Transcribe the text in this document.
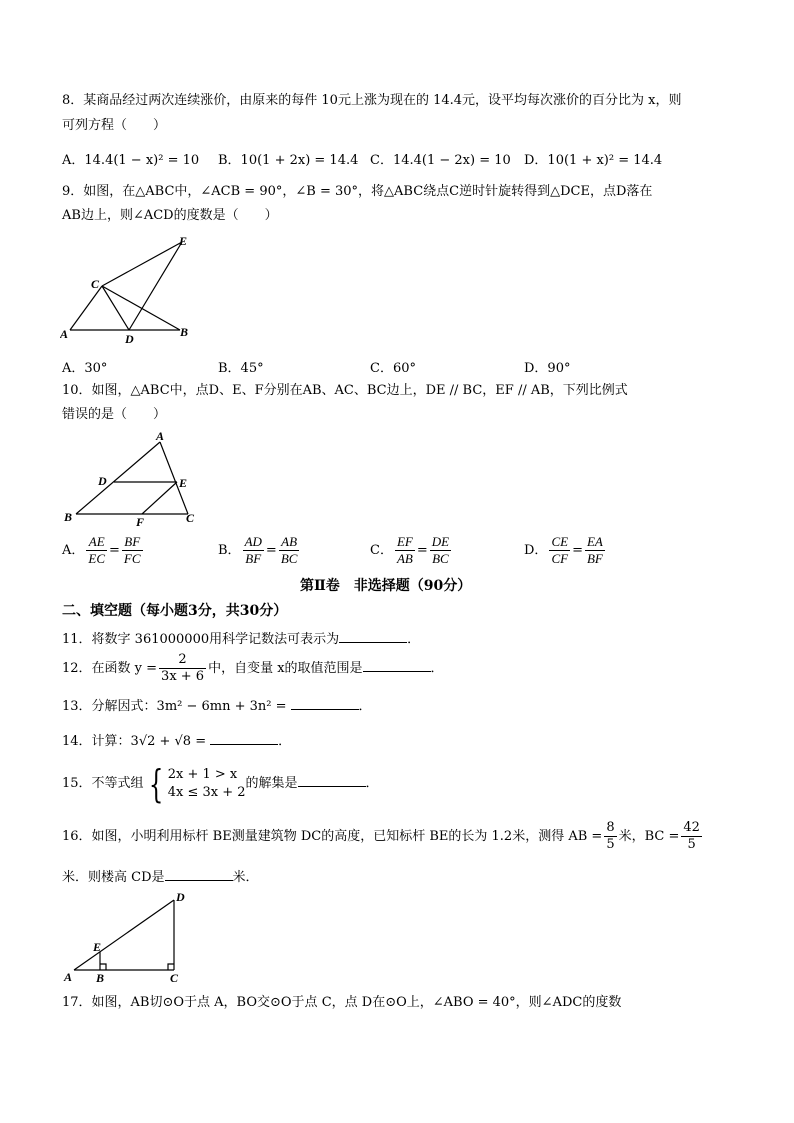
8．某商品经过两次连续涨价，由原来的每件 10元上涨为现在的 14.4元，设平均每次涨价的百分比为 x，则
可列方程（　　）
A．14.4(1 − x)² = 10 B．10(1 + 2x) = 14.4 C．14.4(1 − 2x) = 10 D．10(1 + x)² = 14.4
9．如图，在△ABC中，∠ACB = 90°，∠B = 30°，将△ABC绕点C逆时针旋转得到△DCE，点D落在
AB边上，则∠ACD的度数是（　　）
A	B
C
D
E
A．30°	B．45°	C．60°	D．90°
10．如图，△ABC中，点D、E、F分别在AB、AC、BC边上，DE // BC，EF // AB，下列比例式
错误的是（　　）
A
B	C
D	E
F
A． $\frac{AE}{EC} = \frac{BF}{FC}$	B． $\frac{AD}{BF} = \frac{AB}{BC}$	C． $\frac{EF}{AB} = \frac{DE}{BC}$	D． $\frac{CE}{CF} = \frac{EA}{BF}$
第Ⅱ卷　非选择题（90分）
二、填空题（每小题3分，共30分）
11．将数字 361000000用科学记数法可表示为	．
12．在函数 $y = \frac{2}{3x + 6}$ 中，自变量 x的取值范围是	．
13．分解因式：3m² − 6mn + 3n² =	．
14．计算：3√2 + √8 =	．
15．不等式组 { 2x + 1 > x
4x ≤ 3x + 2
的解集是	．
16．如图，小明利用标杆 BE测量建筑物 DC的高度，已知标杆 BE的长为 1.2米，测得 AB = $\frac{8}{5}$ 米，BC = $\frac{42}{5}$
米．则楼高 CD是	米．
A B	C
D
E
17．如图，AB切⊙O于点 A，BO交⊙O于点 C，点 D在⊙O上，∠ABO = 40°，则∠ADC的度数
